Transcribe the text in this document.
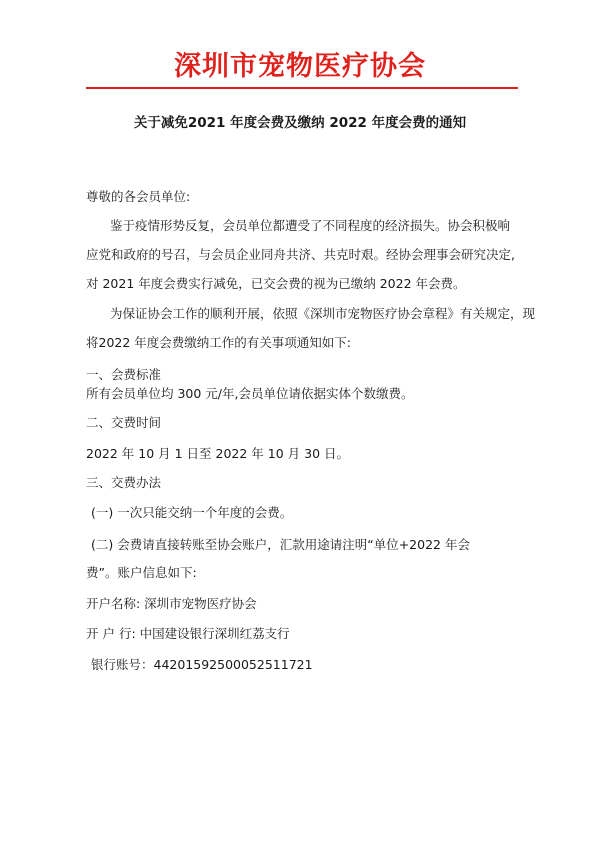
深圳市宠物医疗协会
关于减免2021 年度会费及缴纳 2022 年度会费的通知
尊敬的各会员单位:
鉴于疫情形势反复，会员单位都遭受了不同程度的经济损失。协会积极响
应党和政府的号召，与会员企业同舟共济、共克时艰。经协会理事会研究决定,
对 2021 年度会费实行减免，已交会费的视为已缴纳 2022 年会费。
为保证协会工作的顺利开展，依照《深圳市宠物医疗协会章程》有关规定，现
将2022 年度会费缴纳工作的有关事项通知如下:
一、会费标准
所有会员单位均 300 元/年,会员单位请依据实体个数缴费。
二、交费时间
2022 年 10 月 1 日至 2022 年 10 月 30 日。
三、交费办法
(一) 一次只能交纳一个年度的会费。
(二) 会费请直接转账至协会账户，汇款用途请注明“单位+2022 年会
费”。账户信息如下:
开户名称: 深圳市宠物医疗协会
开 户 行: 中国建设银行深圳红荔支行
银行账号：44201592500052511721
